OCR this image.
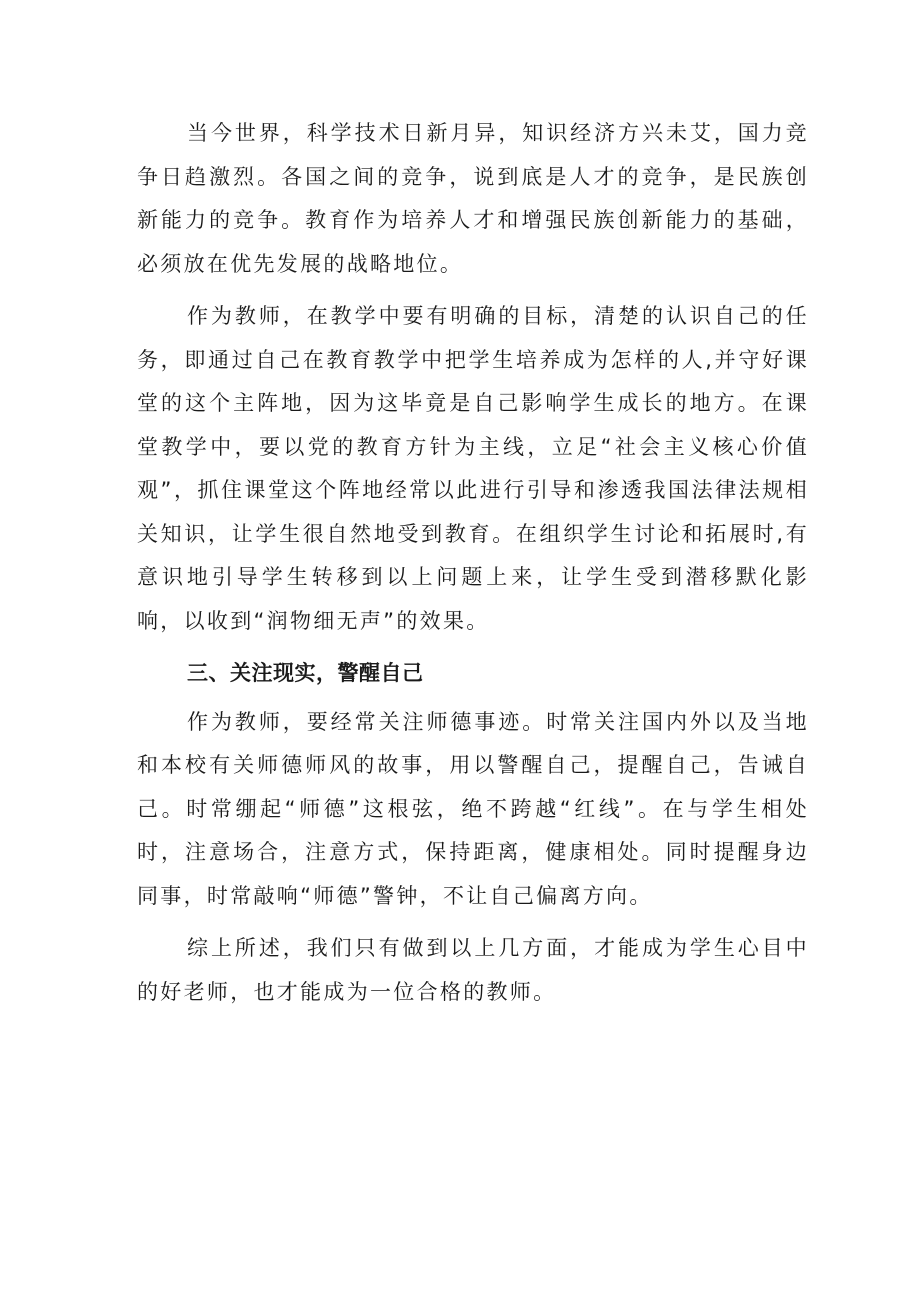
当今世界，科学技术日新月异，知识经济方兴未艾，国力竞争日趋激烈。各国之间的竞争，说到底是人才的竞争，是民族创新能力的竞争。教育作为培养人才和增强民族创新能力的基础，必须放在优先发展的战略地位。

作为教师，在教学中要有明确的目标，清楚的认识自己的任务，即通过自己在教育教学中把学生培养成为怎样的人,并守好课堂的这个主阵地，因为这毕竟是自己影响学生成长的地方。在课堂教学中，要以党的教育方针为主线，立足“社会主义核心价值观”，抓住课堂这个阵地经常以此进行引导和渗透我国法律法规相关知识，让学生很自然地受到教育。在组织学生讨论和拓展时,有意识地引导学生转移到以上问题上来，让学生受到潜移默化影响，以收到“润物细无声”的效果。

三、关注现实，警醒自己

作为教师，要经常关注师德事迹。时常关注国内外以及当地和本校有关师德师风的故事，用以警醒自己，提醒自己，告诫自己。时常绷起“师德”这根弦，绝不跨越“红线”。在与学生相处时，注意场合，注意方式，保持距离，健康相处。同时提醒身边同事，时常敲响“师德”警钟，不让自己偏离方向。

综上所述，我们只有做到以上几方面，才能成为学生心目中的好老师，也才能成为一位合格的教师。
